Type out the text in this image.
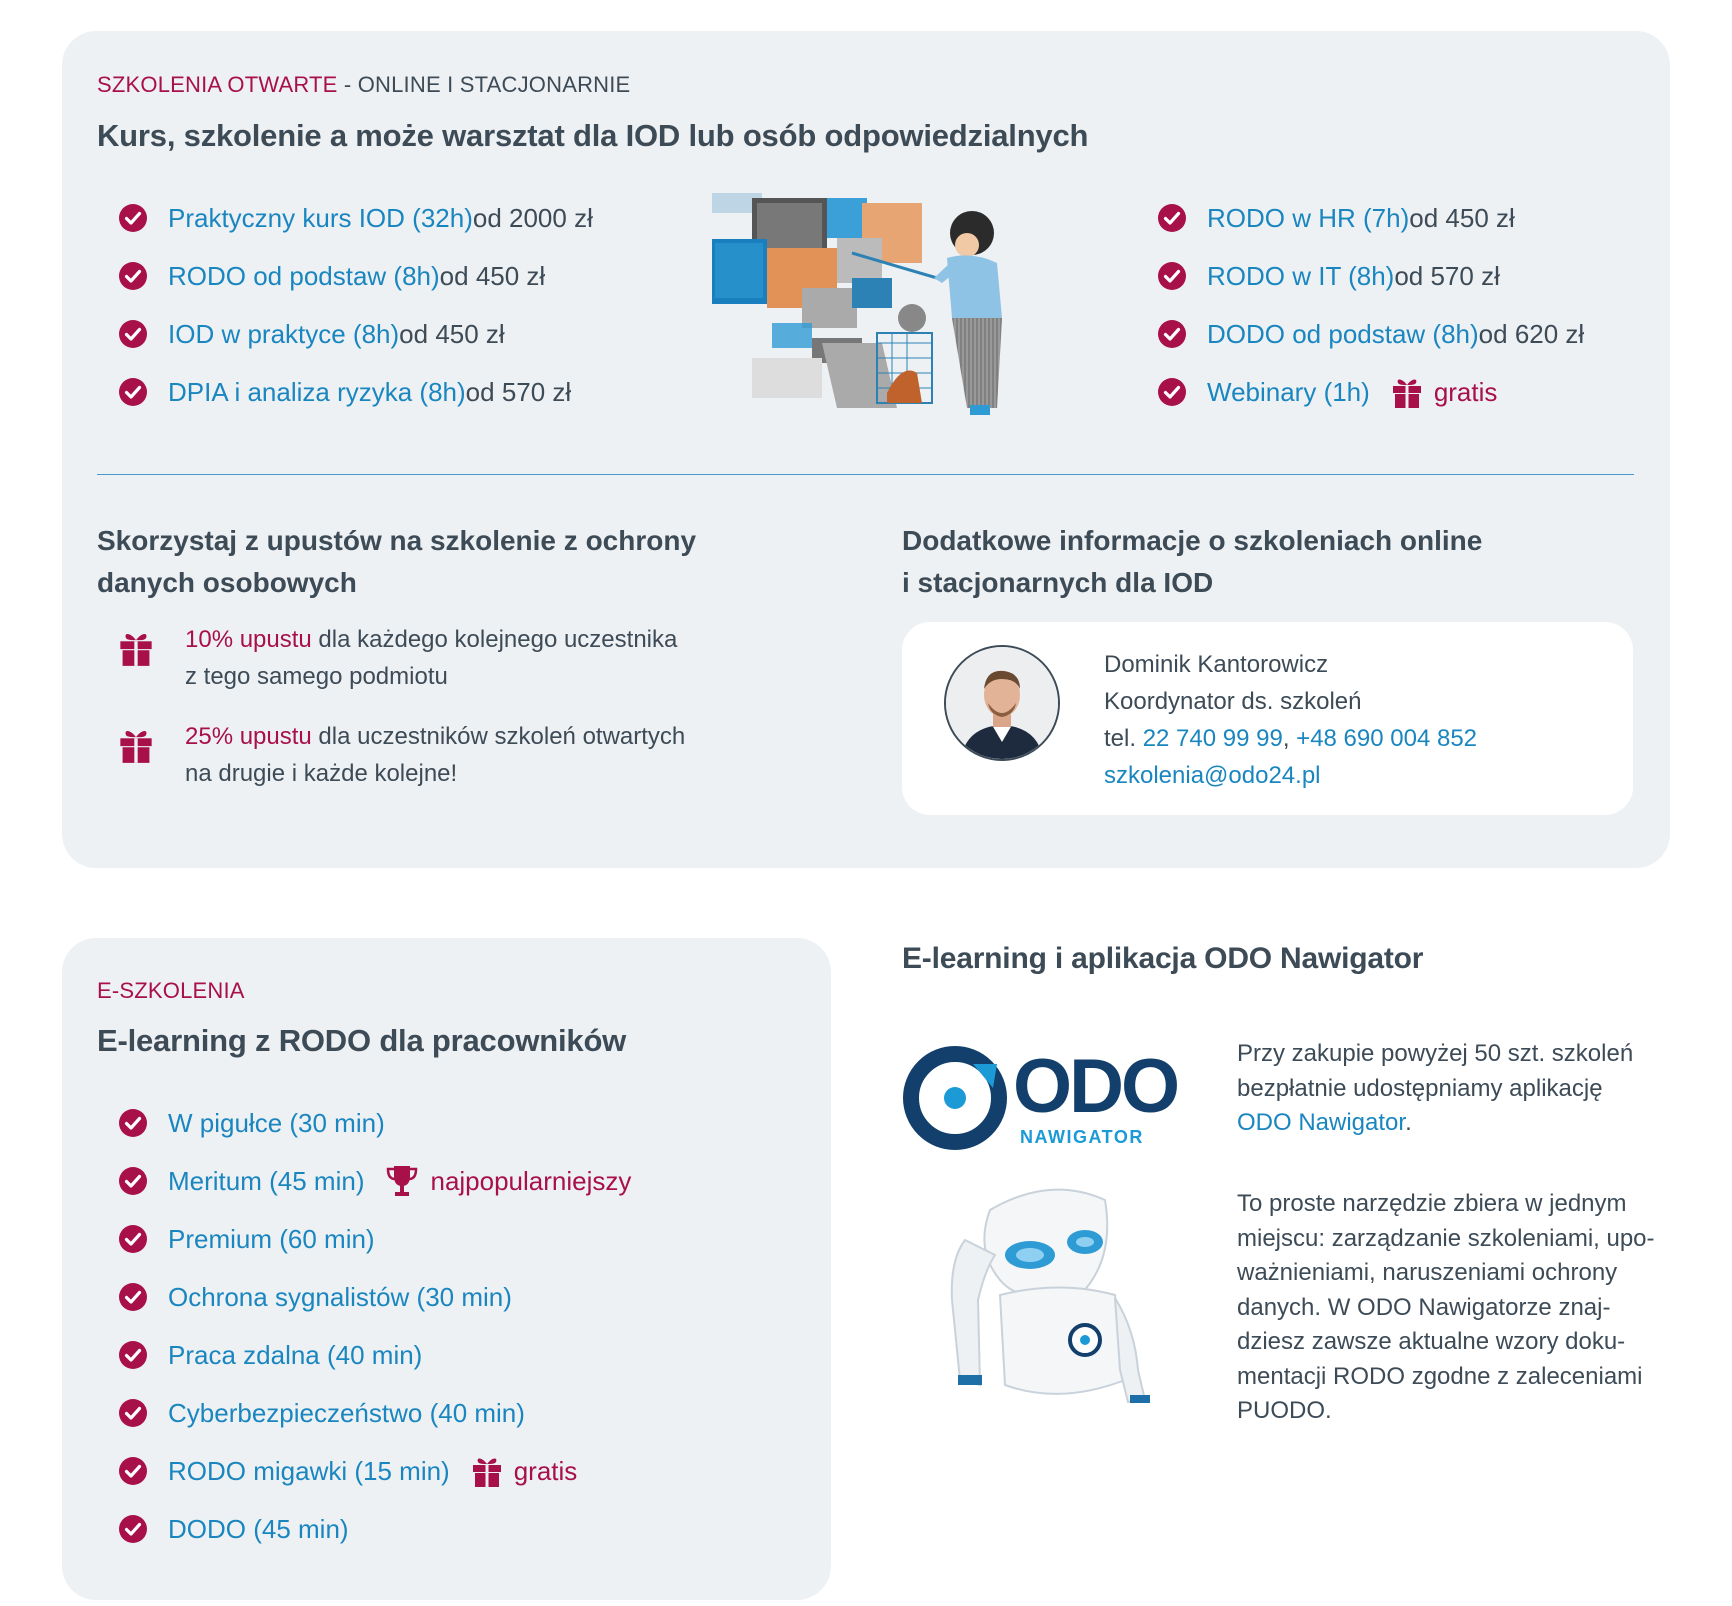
SZKOLENIA OTWARTE - ONLINE I STACJONARNIE
Kurs, szkolenie a może warsztat dla IOD lub osób odpowiedzialnych
Praktyczny kurs IOD (32h) od 2000 zł
RODO od podstaw (8h) od 450 zł
IOD w praktyce (8h) od 450 zł
DPIA i analiza ryzyka (8h) od 570 zł
RODO w HR (7h) od 450 zł
RODO w IT (8h) od 570 zł
DODO od podstaw (8h) od 620 zł
Webinary (1h) gratis
Skorzystaj z upustów na szkolenie z ochrony
danych osobowych
10% upustu dla każdego kolejnego uczestnika
z tego samego podmiotu
25% upustu dla uczestników szkoleń otwartych
na drugie i każde kolejne!
Dodatkowe informacje o szkoleniach online
i stacjonarnych dla IOD
Dominik Kantorowicz
Koordynator ds. szkoleń
tel. 22 740 99 99, +48 690 004 852
szkolenia@odo24.pl
E-SZKOLENIA
E-learning z RODO dla pracowników
W pigułce (30 min)
Meritum (45 min)	najpopularniejszy
Premium (60 min)
Ochrona sygnalistów (30 min)
Praca zdalna (40 min)
Cyberbezpieczeństwo (40 min)
RODO migawki (15 min) gratis
DODO (45 min)
E-learning i aplikacja ODO Nawigator
ODO
NAWIGATOR
Przy zakupie powyżej 50 szt. szkoleń
bezpłatnie udostępniamy aplikację
ODO Nawigator.
To proste narzędzie zbiera w jednym
miejscu: zarządzanie szkoleniami, upo-
ważnieniami, naruszeniami ochrony
danych. W ODO Nawigatorze znaj-
dziesz zawsze aktualne wzory doku-
mentacji RODO zgodne z zaleceniami
PUODO.
